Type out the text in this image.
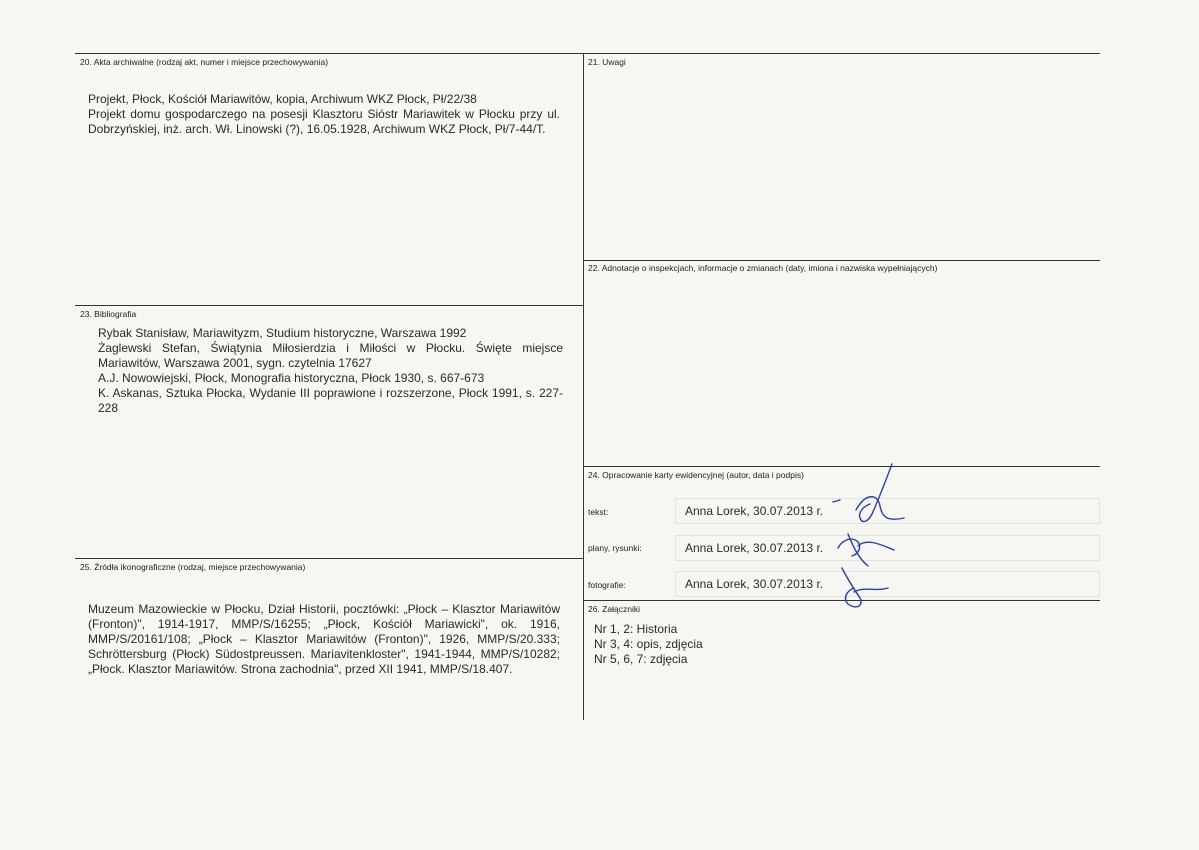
20. Akta archiwalne (rodzaj akt, numer i miejsce przechowywania)
Projekt, Płock, Kościół Mariawitów, kopia, Archiwum WKZ Płock, Pł/22/38
Projekt domu gospodarczego na posesji Klasztoru Sióstr Mariawitek w Płocku przy ul. Dobrzyńskiej, inż. arch. Wł. Linowski (?), 16.05.1928, Archiwum WKZ Płock, Pł/7-44/T.
21. Uwagi
22. Adnotacje o inspekcjach, informacje o zmianach (daty, imiona i nazwiska wypełniających)
23. Bibliografia
Rybak Stanisław, Mariawityzm, Studium historyczne, Warszawa 1992
Żaglewski Stefan, Świątynia Miłosierdzia i Miłości w Płocku. Święte miejsce Mariawitów, Warszawa 2001, sygn. czytelnia 17627
A.J. Nowowiejski, Płock, Monografia historyczna, Płock 1930, s. 667-673
K. Askanas, Sztuka Płocka, Wydanie III poprawione i rozszerzone, Płock 1991, s. 227-228
24. Opracowanie karty ewidencyjnej (autor, data i podpis)
tekst:	Anna Lorek, 30.07.2013 r.
plany, rysunki:	Anna Lorek, 30.07.2013 r.
fotografie:	Anna Lorek, 30.07.2013 r.
25. Źródła ikonograficzne (rodzaj, miejsce przechowywania)
Muzeum Mazowieckie w Płocku, Dział Historii, pocztówki: „Płock – Klasztor Mariawitów (Fronton)", 1914-1917, MMP/S/16255; „Płock, Kościół Mariawicki", ok. 1916, MMP/S/20161/108; „Płock – Klasztor Mariawitów (Fronton)", 1926, MMP/S/20.333; Schröttersburg (Płock) Südostpreussen. Mariavitenkloster", 1941-1944, MMP/S/10282; „Płock. Klasztor Mariawitów. Strona zachodnia", przed XII 1941, MMP/S/18.407.
26. Załączniki
Nr 1, 2: Historia
Nr 3, 4: opis, zdjęcia
Nr 5, 6, 7: zdjęcia
